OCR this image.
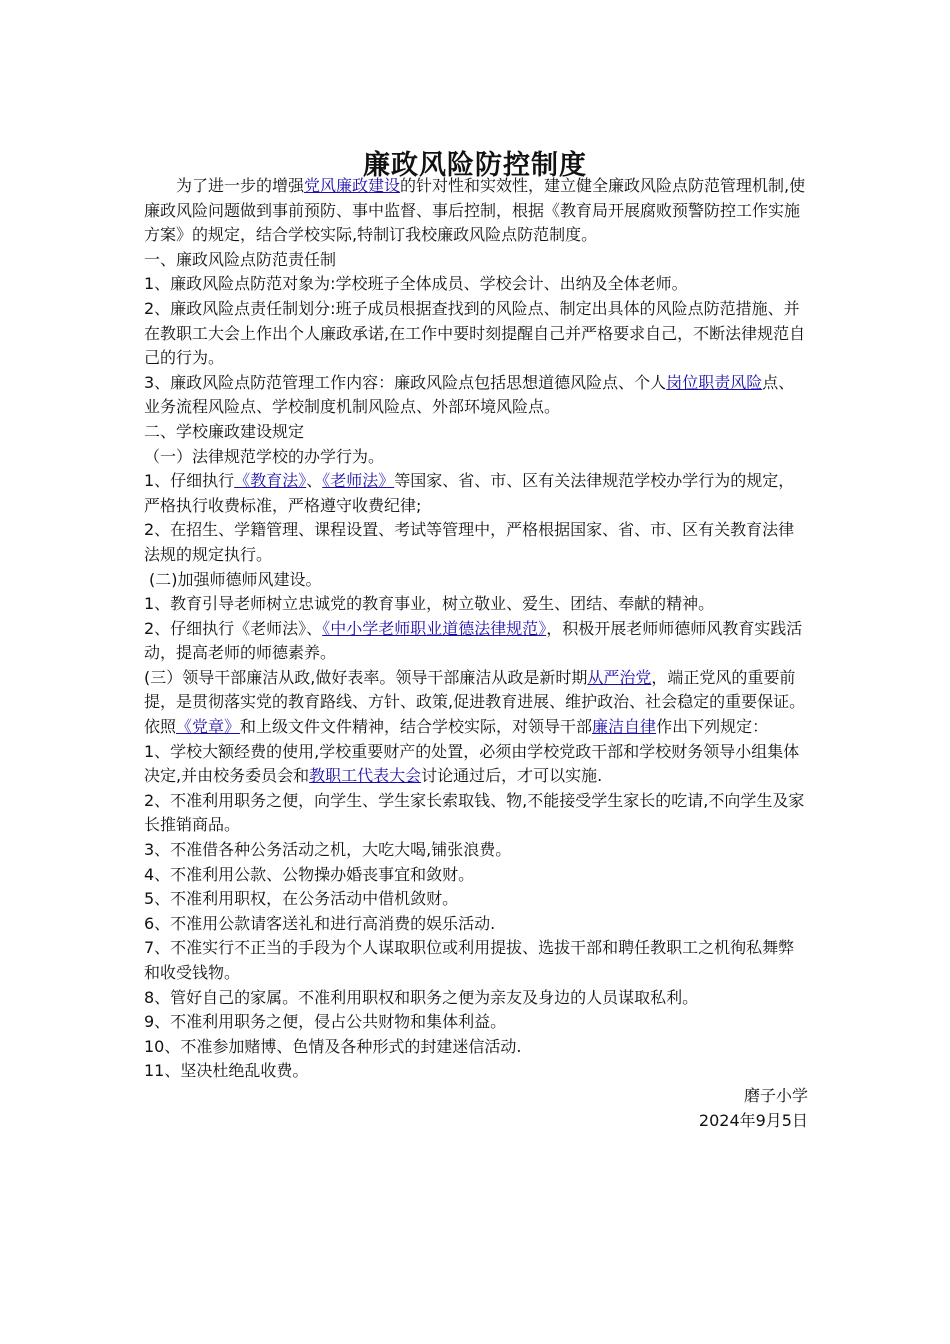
廉政风险防控制度

为了进一步的增强党风廉政建设的针对性和实效性，建立健全廉政风险点防范管理机制,使廉政风险问题做到事前预防、事中监督、事后控制，根据《教育局开展腐败预警防控工作实施方案》的规定，结合学校实际,特制订我校廉政风险点防范制度。

一、廉政风险点防范责任制

1、廉政风险点防范对象为:学校班子全体成员、学校会计、出纳及全体老师。

2、廉政风险点责任制划分:班子成员根据查找到的风险点、制定出具体的风险点防范措施、并在教职工大会上作出个人廉政承诺,在工作中要时刻提醒自己并严格要求自己，不断法律规范自己的行为。

3、廉政风险点防范管理工作内容：廉政风险点包括思想道德风险点、个人岗位职责风险点、业务流程风险点、学校制度机制风险点、外部环境风险点。

二、学校廉政建设规定

（一）法律规范学校的办学行为。

1、仔细执行《教育法》、《老师法》等国家、省、市、区有关法律规范学校办学行为的规定，严格执行收费标准，严格遵守收费纪律;

2、在招生、学籍管理、课程设置、考试等管理中，严格根据国家、省、市、区有关教育法律法规的规定执行。

(二)加强师德师风建设。

1、教育引导老师树立忠诚党的教育事业，树立敬业、爱生、团结、奉献的精神。

2、仔细执行《老师法》、《中小学老师职业道德法律规范》，积极开展老师师德师风教育实践活动，提高老师的师德素养。

(三）领导干部廉洁从政,做好表率。领导干部廉洁从政是新时期从严治党，端正党风的重要前提，是贯彻落实党的教育路线、方针、政策,促进教育进展、维护政治、社会稳定的重要保证。依照《党章》和上级文件文件精神，结合学校实际，对领导干部廉洁自律作出下列规定：

1、学校大额经费的使用,学校重要财产的处置，必须由学校党政干部和学校财务领导小组集体决定,并由校务委员会和教职工代表大会讨论通过后，才可以实施.

2、不准利用职务之便，向学生、学生家长索取钱、物,不能接受学生家长的吃请,不向学生及家长推销商品。

3、不准借各种公务活动之机，大吃大喝,铺张浪费。

4、不准利用公款、公物操办婚丧事宜和敛财。

5、不准利用职权，在公务活动中借机敛财。

6、不准用公款请客送礼和进行高消费的娱乐活动.

7、不准实行不正当的手段为个人谋取职位或利用提拔、选拔干部和聘任教职工之机徇私舞弊和收受钱物。

8、管好自己的家属。不准利用职权和职务之便为亲友及身边的人员谋取私利。

9、不准利用职务之便，侵占公共财物和集体利益。

10、不准参加赌博、色情及各种形式的封建迷信活动.

11、坚决杜绝乱收费。

磨子小学

2024年9月5日
